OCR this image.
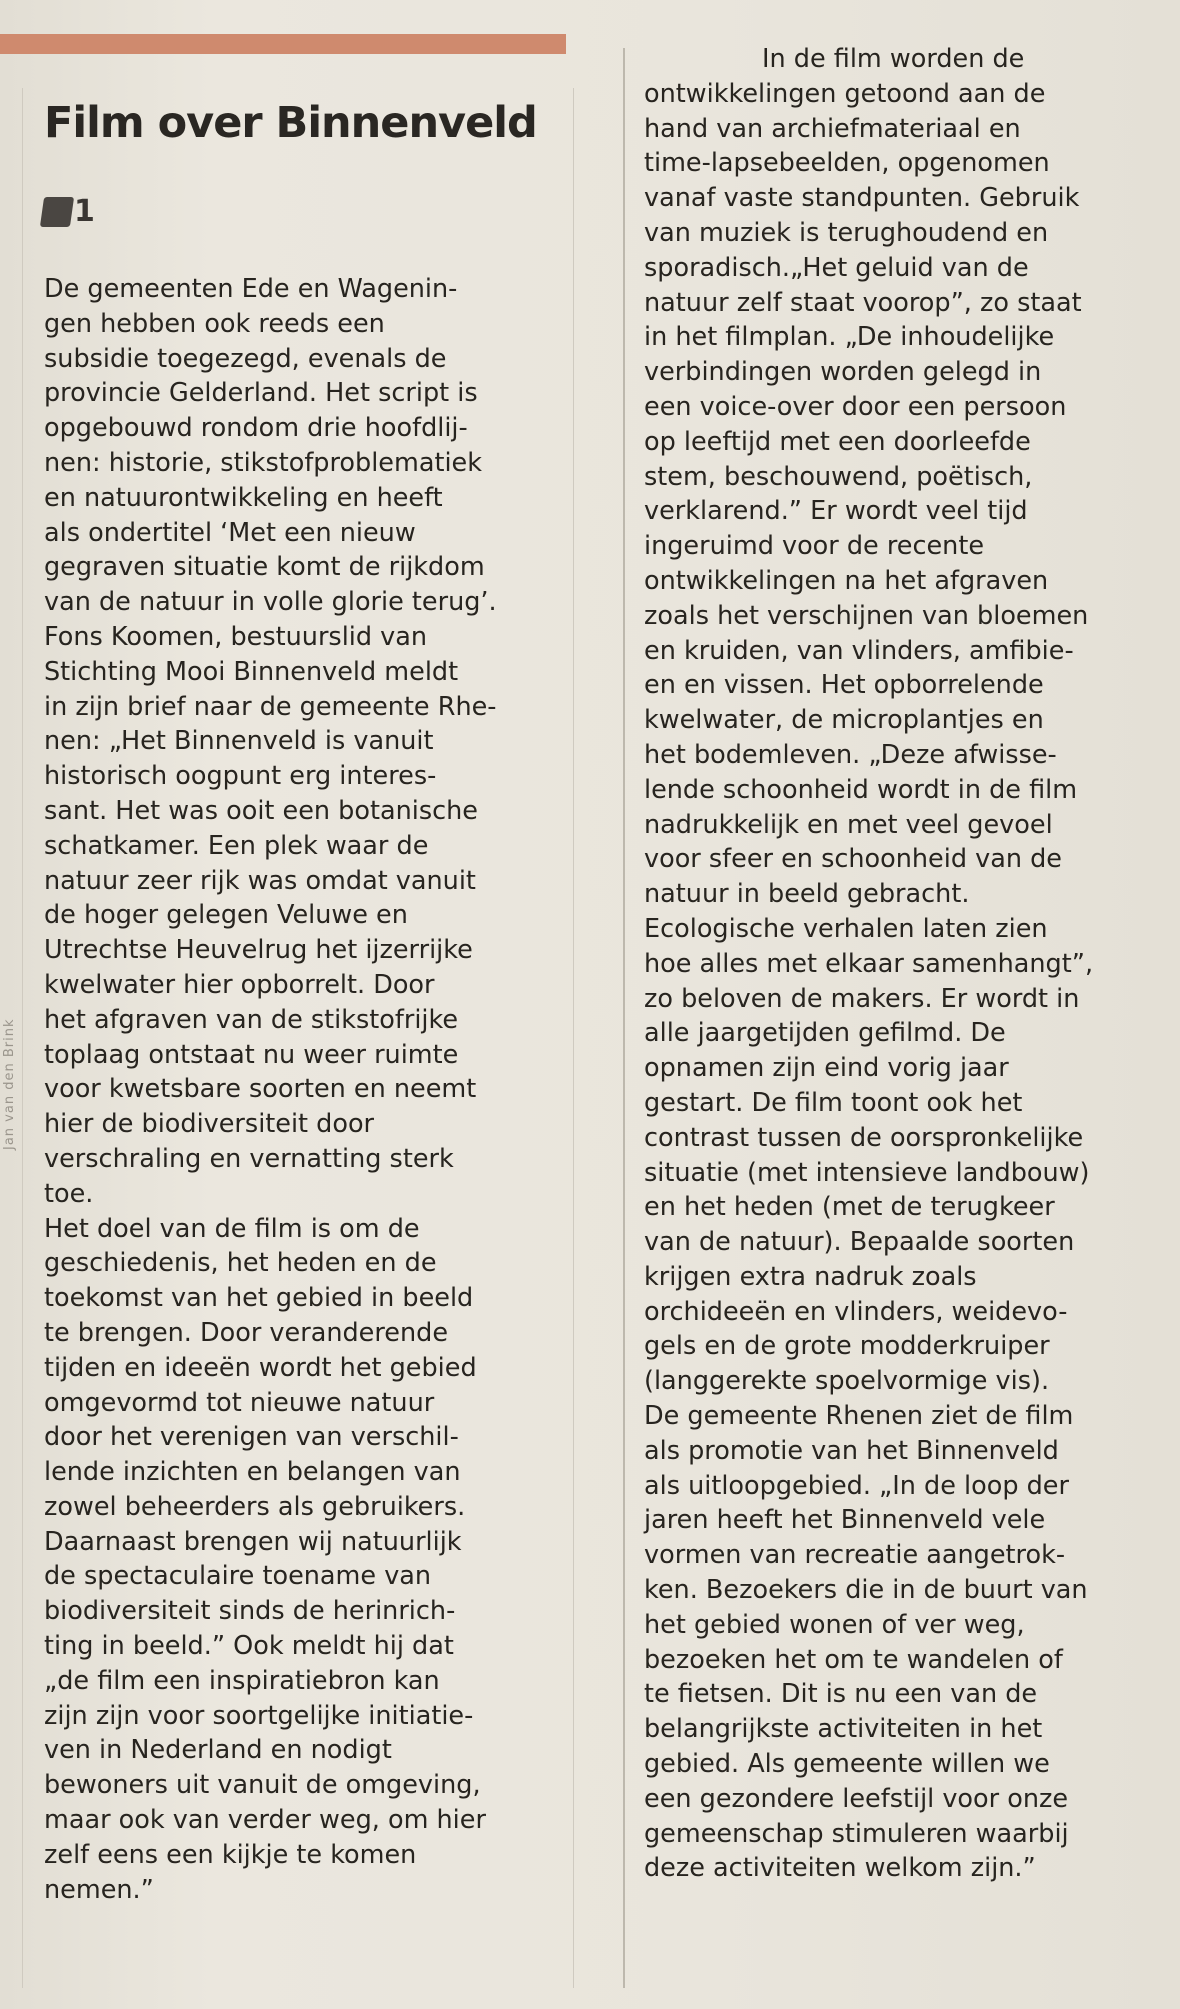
Film over Binnenveld
1
Jan van den Brink
De gemeenten Ede en Wagenin-
gen hebben ook reeds een
subsidie toegezegd, evenals de
provincie Gelderland. Het script is
opgebouwd rondom drie hoofdlij-
nen: historie, stikstofproblematiek
en natuurontwikkeling en heeft
als ondertitel ‘Met een nieuw
gegraven situatie komt de rijkdom
van de natuur in volle glorie terug’.
Fons Koomen, bestuurslid van
Stichting Mooi Binnenveld meldt
in zijn brief naar de gemeente Rhe-
nen: „Het Binnenveld is vanuit
historisch oogpunt erg interes-
sant. Het was ooit een botanische
schatkamer. Een plek waar de
natuur zeer rijk was omdat vanuit
de hoger gelegen Veluwe en
Utrechtse Heuvelrug het ijzerrijke
kwelwater hier opborrelt. Door
het afgraven van de stikstofrijke
toplaag ontstaat nu weer ruimte
voor kwetsbare soorten en neemt
hier de biodiversiteit door
verschraling en vernatting sterk
toe.
Het doel van de film is om de
geschiedenis, het heden en de
toekomst van het gebied in beeld
te brengen. Door veranderende
tijden en ideeën wordt het gebied
omgevormd tot nieuwe natuur
door het verenigen van verschil-
lende inzichten en belangen van
zowel beheerders als gebruikers.
Daarnaast brengen wij natuurlijk
de spectaculaire toename van
biodiversiteit sinds de herinrich-
ting in beeld.” Ook meldt hij dat
„de film een inspiratiebron kan
zijn zijn voor soortgelijke initiatie-
ven in Nederland en nodigt
bewoners uit vanuit de omgeving,
maar ook van verder weg, om hier
zelf eens een kijkje te komen
nemen.”
In de film worden de
ontwikkelingen getoond aan de
hand van archiefmateriaal en
time-lapsebeelden, opgenomen
vanaf vaste standpunten. Gebruik
van muziek is terughoudend en
sporadisch.„Het geluid van de
natuur zelf staat voorop”, zo staat
in het filmplan. „De inhoudelijke
verbindingen worden gelegd in
een voice-over door een persoon
op leeftijd met een doorleefde
stem, beschouwend, poëtisch,
verklarend.” Er wordt veel tijd
ingeruimd voor de recente
ontwikkelingen na het afgraven
zoals het verschijnen van bloemen
en kruiden, van vlinders, amfibie-
en en vissen. Het opborrelende
kwelwater, de microplantjes en
het bodemleven. „Deze afwisse-
lende schoonheid wordt in de film
nadrukkelijk en met veel gevoel
voor sfeer en schoonheid van de
natuur in beeld gebracht.
Ecologische verhalen laten zien
hoe alles met elkaar samenhangt”,
zo beloven de makers. Er wordt in
alle jaargetijden gefilmd. De
opnamen zijn eind vorig jaar
gestart. De film toont ook het
contrast tussen de oorspronkelijke
situatie (met intensieve landbouw)
en het heden (met de terugkeer
van de natuur). Bepaalde soorten
krijgen extra nadruk zoals
orchideeën en vlinders, weidevo-
gels en de grote modderkruiper
(langgerekte spoelvormige vis).
De gemeente Rhenen ziet de film
als promotie van het Binnenveld
als uitloopgebied. „In de loop der
jaren heeft het Binnenveld vele
vormen van recreatie aangetrok-
ken. Bezoekers die in de buurt van
het gebied wonen of ver weg,
bezoeken het om te wandelen of
te fietsen. Dit is nu een van de
belangrijkste activiteiten in het
gebied. Als gemeente willen we
een gezondere leefstijl voor onze
gemeenschap stimuleren waarbij
deze activiteiten welkom zijn.”
